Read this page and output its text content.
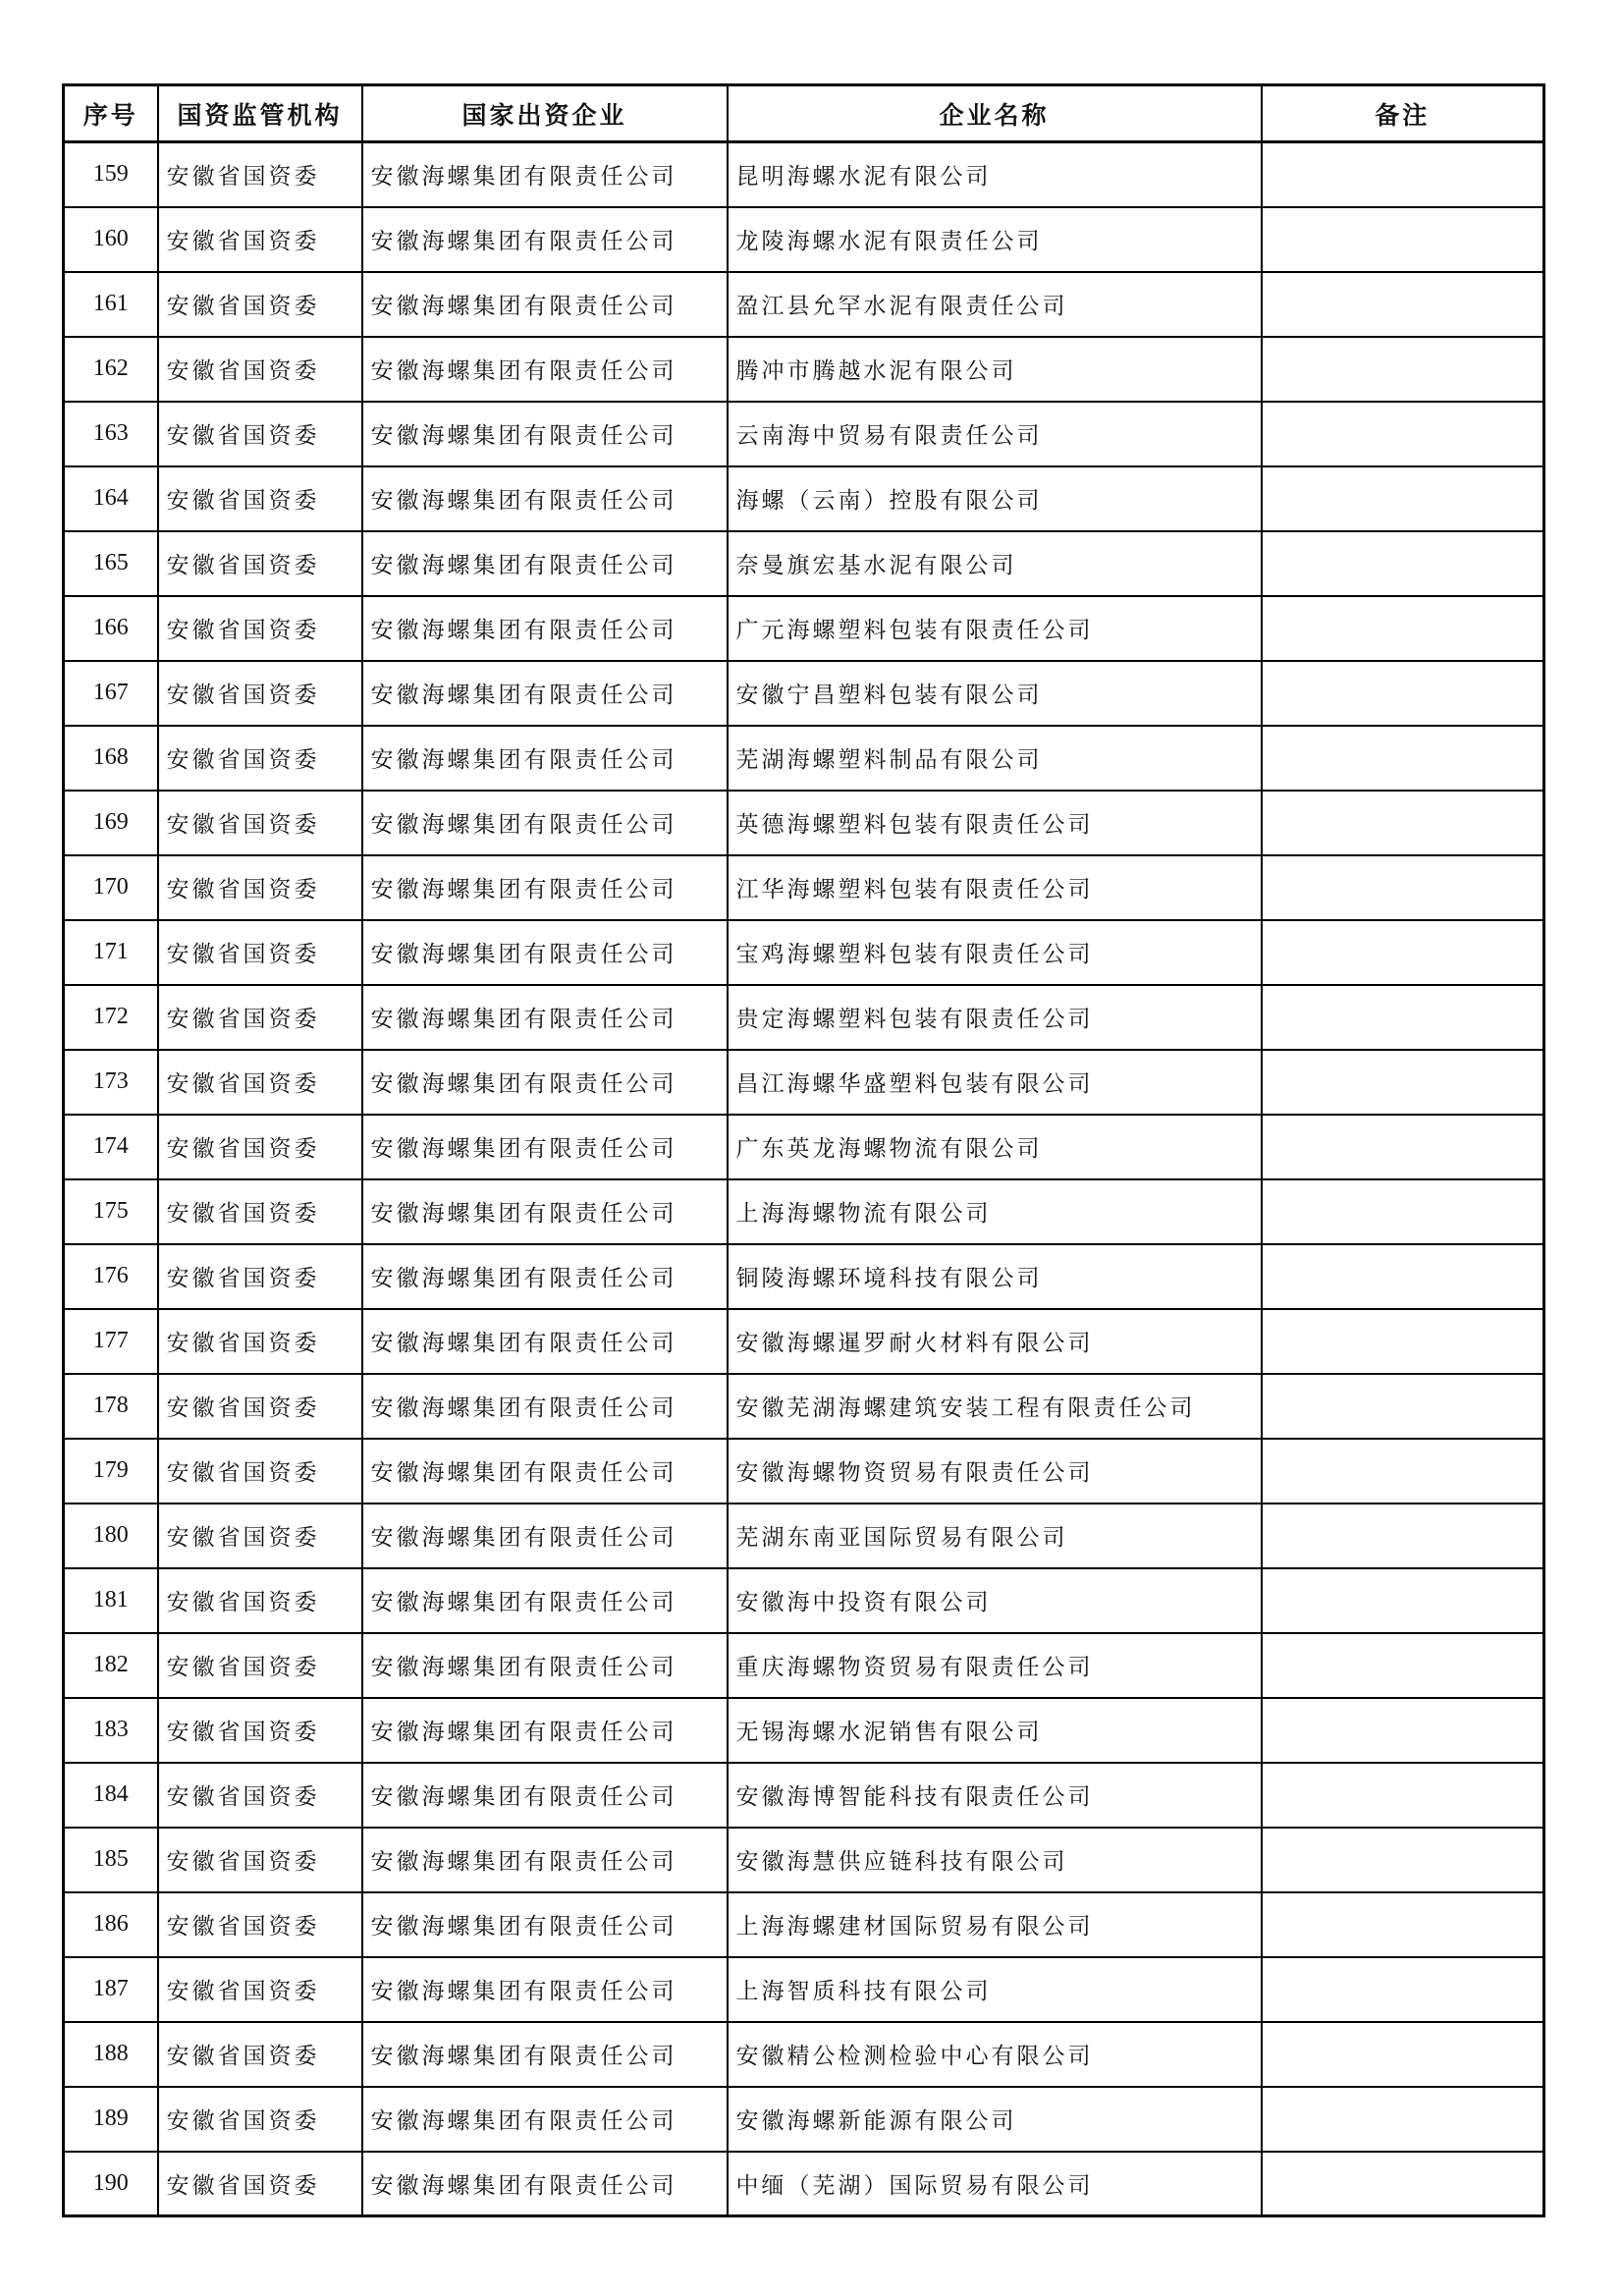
序号	国资监管机构	国家出资企业	企业名称	备注
159	安徽省国资委	安徽海螺集团有限责任公司	昆明海螺水泥有限公司	
160	安徽省国资委	安徽海螺集团有限责任公司	龙陵海螺水泥有限责任公司	
161	安徽省国资委	安徽海螺集团有限责任公司	盈江县允罕水泥有限责任公司	
162	安徽省国资委	安徽海螺集团有限责任公司	腾冲市腾越水泥有限公司	
163	安徽省国资委	安徽海螺集团有限责任公司	云南海中贸易有限责任公司	
164	安徽省国资委	安徽海螺集团有限责任公司	海螺（云南）控股有限公司	
165	安徽省国资委	安徽海螺集团有限责任公司	奈曼旗宏基水泥有限公司	
166	安徽省国资委	安徽海螺集团有限责任公司	广元海螺塑料包装有限责任公司	
167	安徽省国资委	安徽海螺集团有限责任公司	安徽宁昌塑料包装有限公司	
168	安徽省国资委	安徽海螺集团有限责任公司	芜湖海螺塑料制品有限公司	
169	安徽省国资委	安徽海螺集团有限责任公司	英德海螺塑料包装有限责任公司	
170	安徽省国资委	安徽海螺集团有限责任公司	江华海螺塑料包装有限责任公司	
171	安徽省国资委	安徽海螺集团有限责任公司	宝鸡海螺塑料包装有限责任公司	
172	安徽省国资委	安徽海螺集团有限责任公司	贵定海螺塑料包装有限责任公司	
173	安徽省国资委	安徽海螺集团有限责任公司	昌江海螺华盛塑料包装有限公司	
174	安徽省国资委	安徽海螺集团有限责任公司	广东英龙海螺物流有限公司	
175	安徽省国资委	安徽海螺集团有限责任公司	上海海螺物流有限公司	
176	安徽省国资委	安徽海螺集团有限责任公司	铜陵海螺环境科技有限公司	
177	安徽省国资委	安徽海螺集团有限责任公司	安徽海螺暹罗耐火材料有限公司	
178	安徽省国资委	安徽海螺集团有限责任公司	安徽芜湖海螺建筑安装工程有限责任公司	
179	安徽省国资委	安徽海螺集团有限责任公司	安徽海螺物资贸易有限责任公司	
180	安徽省国资委	安徽海螺集团有限责任公司	芜湖东南亚国际贸易有限公司	
181	安徽省国资委	安徽海螺集团有限责任公司	安徽海中投资有限公司	
182	安徽省国资委	安徽海螺集团有限责任公司	重庆海螺物资贸易有限责任公司	
183	安徽省国资委	安徽海螺集团有限责任公司	无锡海螺水泥销售有限公司	
184	安徽省国资委	安徽海螺集团有限责任公司	安徽海博智能科技有限责任公司	
185	安徽省国资委	安徽海螺集团有限责任公司	安徽海慧供应链科技有限公司	
186	安徽省国资委	安徽海螺集团有限责任公司	上海海螺建材国际贸易有限公司	
187	安徽省国资委	安徽海螺集团有限责任公司	上海智质科技有限公司	
188	安徽省国资委	安徽海螺集团有限责任公司	安徽精公检测检验中心有限公司	
189	安徽省国资委	安徽海螺集团有限责任公司	安徽海螺新能源有限公司	
190	安徽省国资委	安徽海螺集团有限责任公司	中缅（芜湖）国际贸易有限公司	
